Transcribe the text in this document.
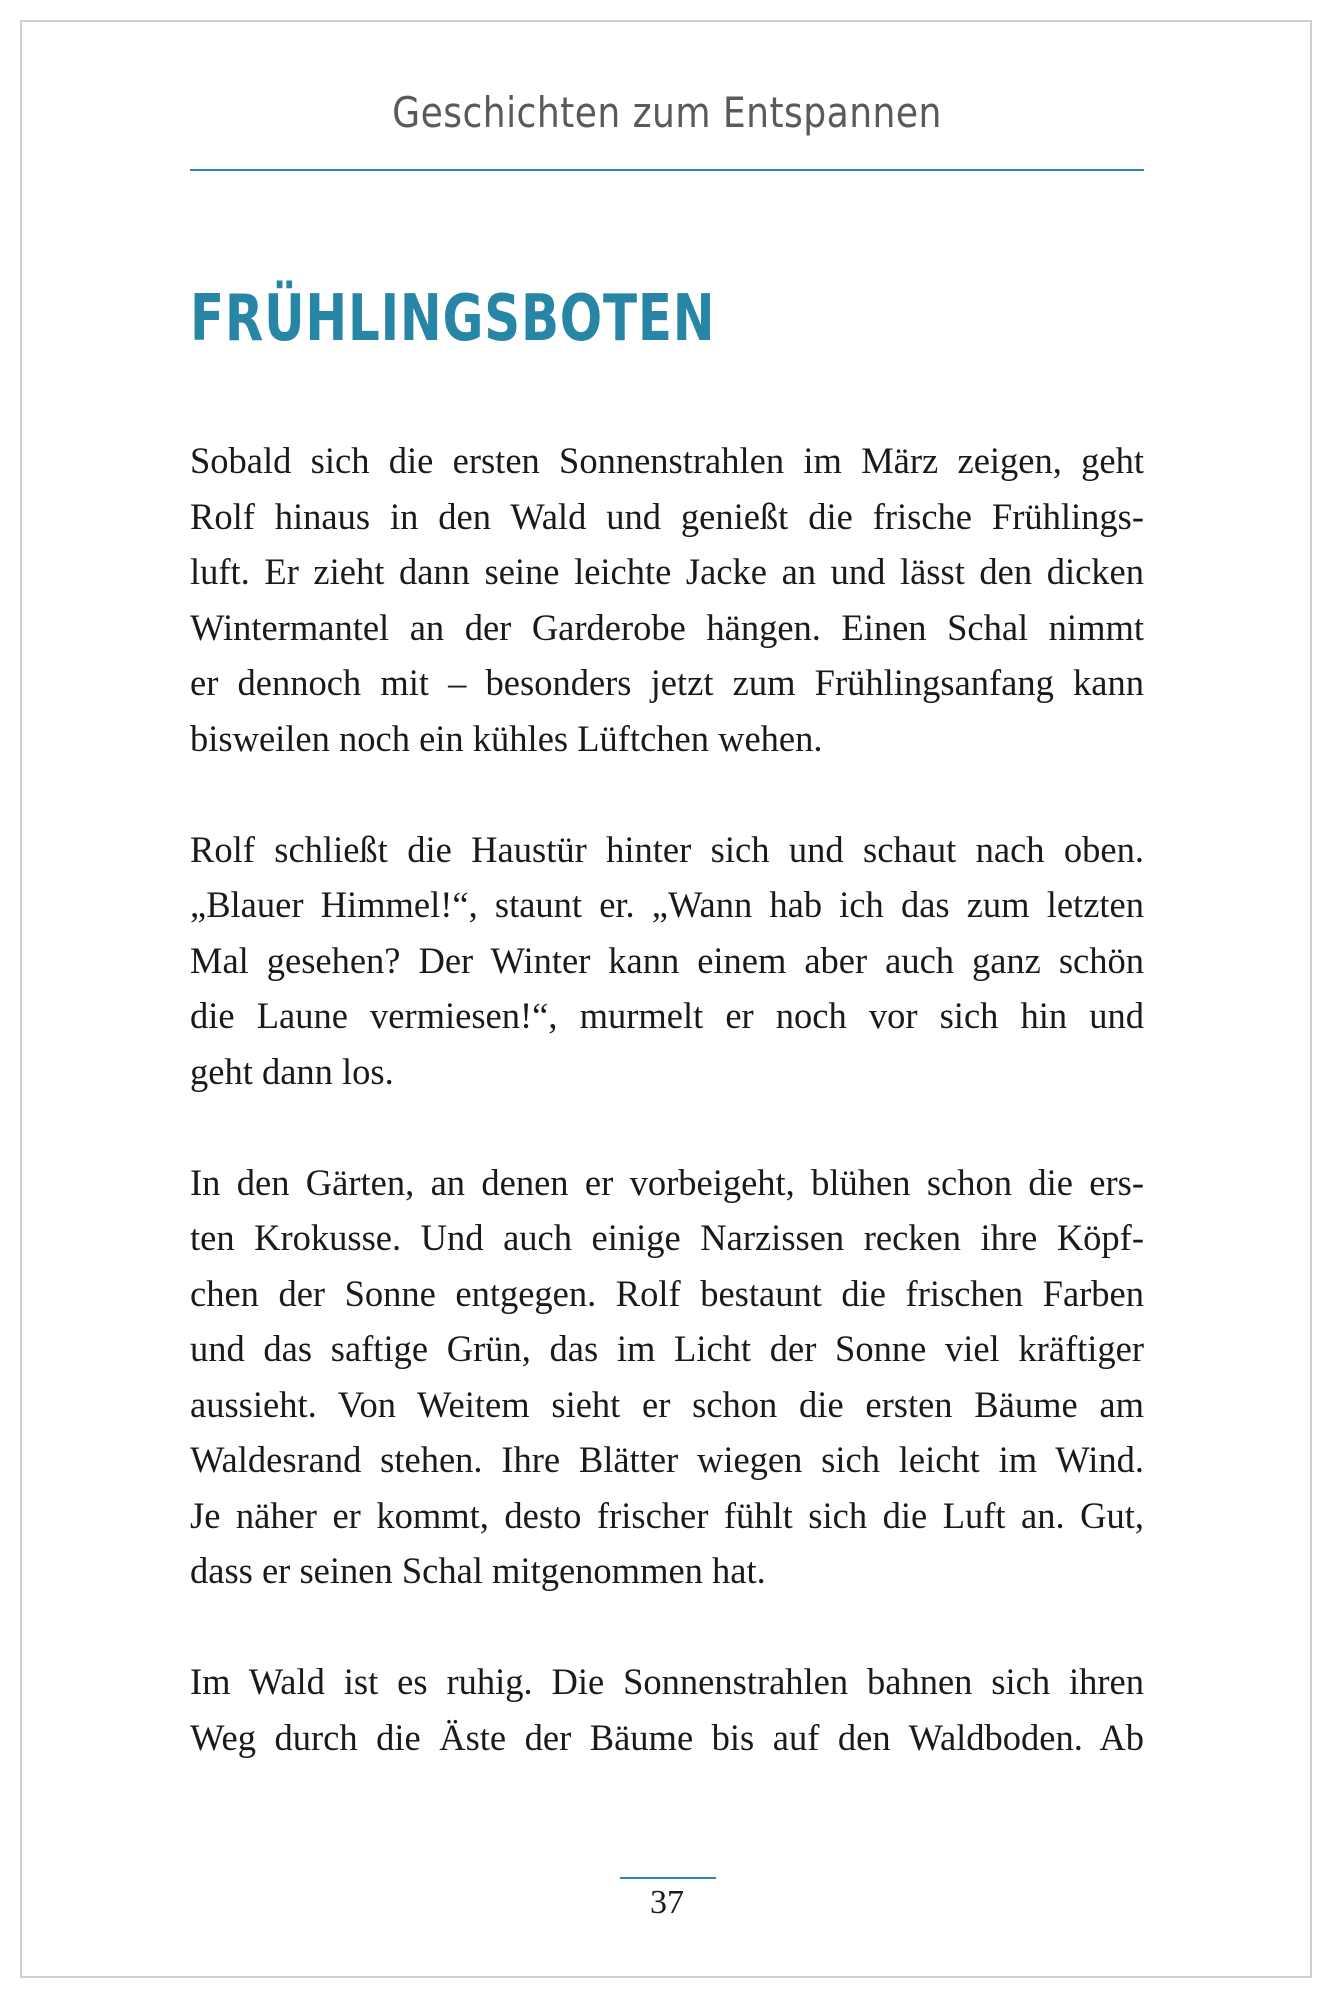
Geschichten zum Entspannen
FRÜHLINGSBOTEN

Sobald sich die ersten Sonnenstrahlen im März zeigen, geht
Rolf hinaus in den Wald und genießt die frische Frühlings-
luft. Er zieht dann seine leichte Jacke an und lässt den dicken
Wintermantel an der Garderobe hängen. Einen Schal nimmt
er dennoch mit – besonders jetzt zum Frühlingsanfang kann
bisweilen noch ein kühles Lüftchen wehen.

Rolf schließt die Haustür hinter sich und schaut nach oben.
„Blauer Himmel!“, staunt er. „Wann hab ich das zum letzten
Mal gesehen? Der Winter kann einem aber auch ganz schön
die Laune vermiesen!“, murmelt er noch vor sich hin und
geht dann los.

In den Gärten, an denen er vorbeigeht, blühen schon die ers-
ten Krokusse. Und auch einige Narzissen recken ihre Köpf-
chen der Sonne entgegen. Rolf bestaunt die frischen Farben
und das saftige Grün, das im Licht der Sonne viel kräftiger
aussieht. Von Weitem sieht er schon die ersten Bäume am
Waldesrand stehen. Ihre Blätter wiegen sich leicht im Wind.
Je näher er kommt, desto frischer fühlt sich die Luft an. Gut,
dass er seinen Schal mitgenommen hat.

Im Wald ist es ruhig. Die Sonnenstrahlen bahnen sich ihren
Weg durch die Äste der Bäume bis auf den Waldboden. Ab

37
